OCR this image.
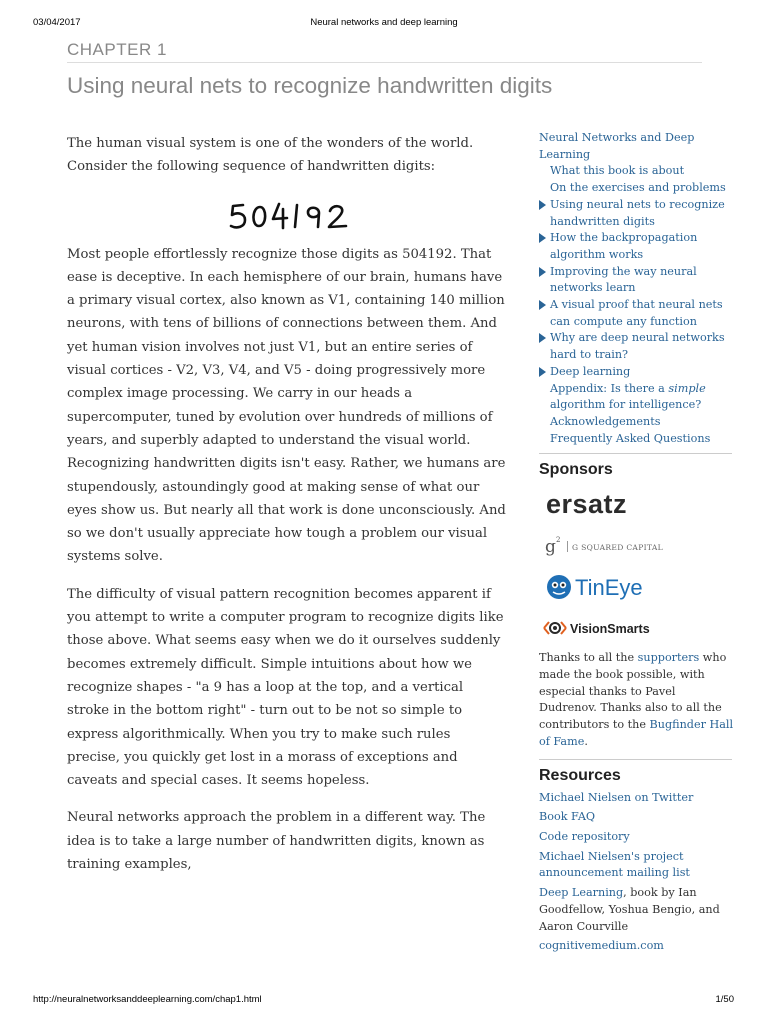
03/04/2017	Neural networks and deep learning
CHAPTER 1
Using neural nets to recognize handwritten digits

The human visual system is one of the wonders of the world. Consider the following sequence of handwritten digits:

Most people effortlessly recognize those digits as 504192. That ease is deceptive. In each hemisphere of our brain, humans have a primary visual cortex, also known as V1, containing 140 million neurons, with tens of billions of connections between them. And yet human vision involves not just V1, but an entire series of visual cortices - V2, V3, V4, and V5 - doing progressively more complex image processing. We carry in our heads a supercomputer, tuned by evolution over hundreds of millions of years, and superbly adapted to understand the visual world. Recognizing handwritten digits isn't easy. Rather, we humans are stupendously, astoundingly good at making sense of what our eyes show us. But nearly all that work is done unconsciously. And so we don't usually appreciate how tough a problem our visual systems solve.

The difficulty of visual pattern recognition becomes apparent if you attempt to write a computer program to recognize digits like those above. What seems easy when we do it ourselves suddenly becomes extremely difficult. Simple intuitions about how we recognize shapes - "a 9 has a loop at the top, and a vertical stroke in the bottom right" - turn out to be not so simple to express algorithmically. When you try to make such rules precise, you quickly get lost in a morass of exceptions and caveats and special cases. It seems hopeless.

Neural networks approach the problem in a different way. The idea is to take a large number of handwritten digits, known as training examples,

Neural Networks and Deep Learning
What this book is about
On the exercises and problems
Using neural nets to recognize handwritten digits
How the backpropagation algorithm works
Improving the way neural networks learn
A visual proof that neural nets can compute any function
Why are deep neural networks hard to train?
Deep learning
Appendix: Is there a simple algorithm for intelligence?
Acknowledgements
Frequently Asked Questions
Sponsors
ersatz
g 2
G SQUARED CAPITAL
TinEye
VisionSmarts
Thanks to all the supporters who made the book possible, with especial thanks to Pavel Dudrenov. Thanks also to all the contributors to the Bugfinder Hall of Fame.
Resources
Michael Nielsen on Twitter
Book FAQ
Code repository
Michael Nielsen's project announcement mailing list
Deep Learning, book by Ian Goodfellow, Yoshua Bengio, and Aaron Courville
cognitivemedium.com
http://neuralnetworksanddeeplearning.com/chap1.html	1/50
